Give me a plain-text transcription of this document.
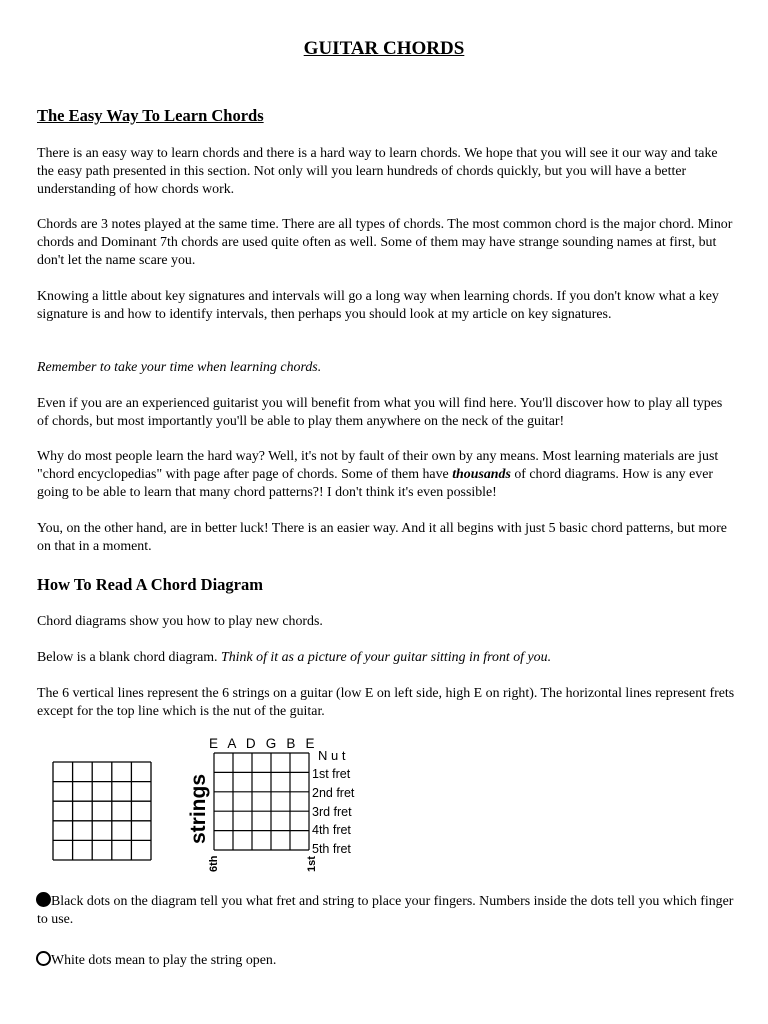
GUITAR CHORDS
The Easy Way To Learn Chords

There is an easy way to learn chords and there is a hard way to learn chords. We hope that you will see it our way and take the easy path presented in this section. Not only will you learn hundreds of chords quickly, but you will have a better understanding of how chords work.

Chords are 3 notes played at the same time. There are all types of chords. The most common chord is the major chord. Minor chords and Dominant 7th chords are used quite often as well. Some of them may have strange sounding names at first, but don't let the name scare you.

Knowing a little about key signatures and intervals will go a long way when learning chords. If you don't know what a key signature is and how to identify intervals, then perhaps you should look at my article on key signatures.

Remember to take your time when learning chords.

Even if you are an experienced guitarist you will benefit from what you will find here. You'll discover how to play all types of chords, but most importantly you'll be able to play them anywhere on the neck of the guitar!

Why do most people learn the hard way? Well, it's not by fault of their own by any means. Most learning materials are just "chord encyclopedias" with page after page of chords. Some of them have thousands of chord diagrams. How is any ever going to be able to learn that many chord patterns?! I don't think it's even possible!

You, on the other hand, are in better luck! There is an easier way. And it all begins with just 5 basic chord patterns, but more on that in a moment.

How To Read A Chord Diagram

Chord diagrams show you how to play new chords.

Below is a blank chord diagram. Think of it as a picture of your guitar sitting in front of you.

The 6 vertical lines represent the 6 strings on a guitar (low E on left side, high E on right). The horizontal lines represent frets except for the top line which is the nut of the guitar.

E A D G B E
N u t
1st fret
2nd fret
3rd fret
4th fret
5th fret
strings
6th	1st

Black dots on the diagram tell you what fret and string to place your fingers. Numbers inside the dots tell you which finger to use.

White dots mean to play the string open.
